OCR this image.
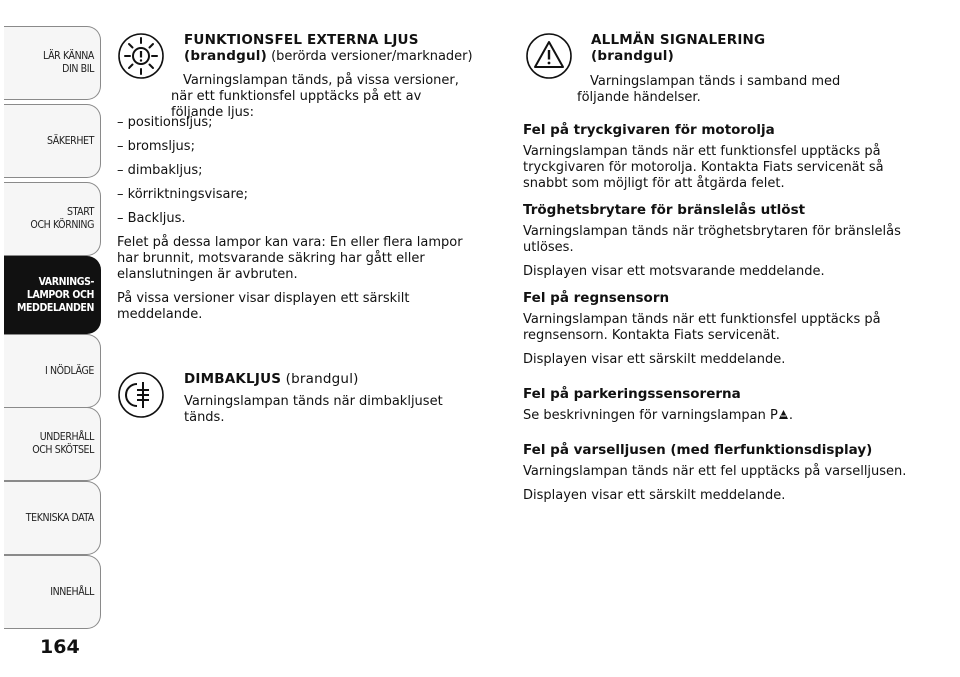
LÄR KÄNNA
DIN BIL
SÄKERHET
START
OCH KÖRNING
VARNINGS-
LAMPOR OCH
MEDDELANDEN
I NÖDLÄGE
UNDERHÅLL
OCH SKÖTSEL
TEKNISKA DATA
INNEHÅLL
164
FUNKTIONSFEL EXTERNA LJUS
(brandgul) (berörda versioner/marknader)

Varningslampan tänds, på vissa versioner, när ett funktionsfel upptäcks på ett av följande ljus:

– positionsljus;

– bromsljus;

– dimbakljus;

– körriktningsvisare;

– Backljus.

Felet på dessa lampor kan vara: En eller flera lampor har brunnit, motsvarande säkring har gått eller elanslutningen är avbruten.

På vissa versioner visar displayen ett särskilt meddelande.

DIMBAKLJUS (brandgul)

Varningslampan tänds när dimbakljuset tänds.

ALLMÄN SIGNALERING
(brandgul)

Varningslampan tänds i samband med följande händelser.

Fel på tryckgivaren för motorolja

Varningslampan tänds när ett funktionsfel upptäcks på tryckgivaren för motorolja. Kontakta Fiats servicenät så snabbt som möjligt för att åtgärda felet.

Tröghetsbrytare för bränslelås utlöst

Varningslampan tänds när tröghetsbrytaren för bränslelås utlöses.

Displayen visar ett motsvarande meddelande.

Fel på regnsensorn

Varningslampan tänds när ett funktionsfel upptäcks på regnsensorn. Kontakta Fiats servicenät.

Displayen visar ett särskilt meddelande.

Fel på parkeringssensorerna

Se beskrivningen för varningslampan P .

Fel på varselljusen (med flerfunktionsdisplay)

Varningslampan tänds när ett fel upptäcks på varselljusen.

Displayen visar ett särskilt meddelande.
